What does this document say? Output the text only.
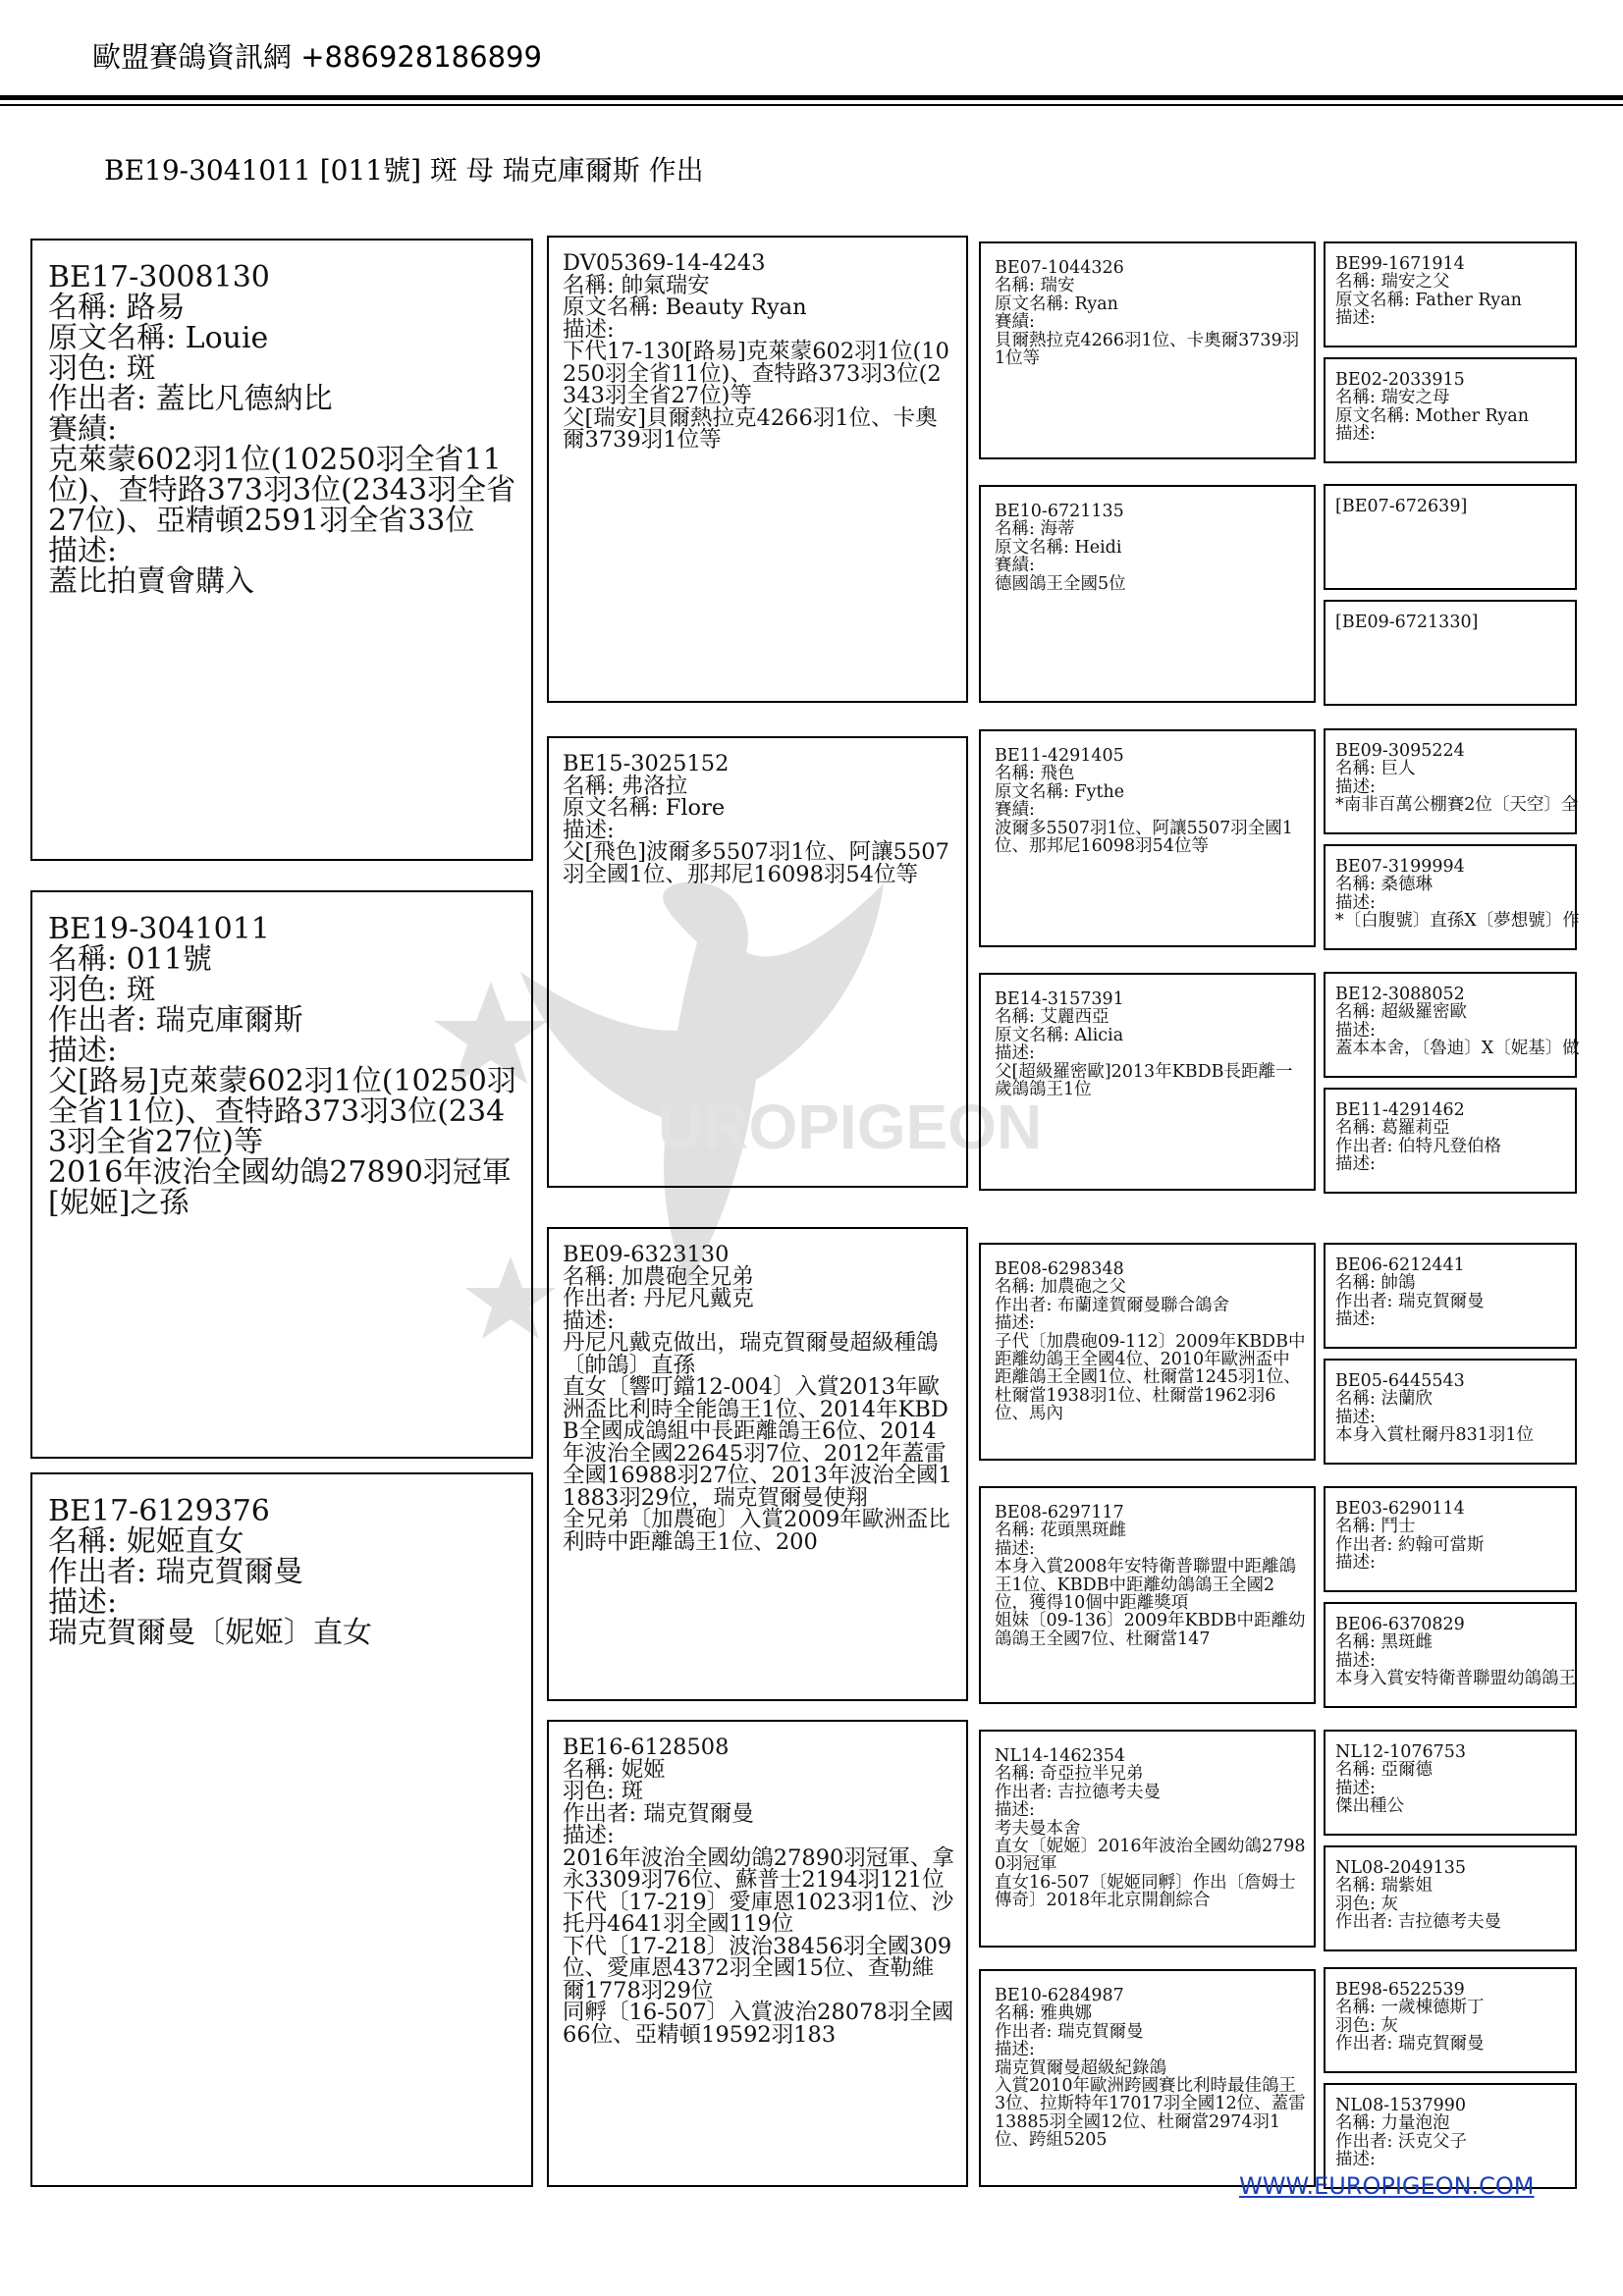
歐盟賽鴿資訊網 +886928186899
BE19-3041011 [011號] 斑 母 瑞克庫爾斯 作出
UROPIGEON

BE17-3008130

名稱: 路易

原文名稱: Louie

羽色: 斑

作出者: 蓋比凡德納比

賽績:

克萊蒙602羽1位(10250羽全省11位)、查特路373羽3位(2343羽全省27位)、亞精頓2591羽全省33位

描述:

蓋比拍賣會購入

BE19-3041011

名稱: 011號

羽色: 斑

作出者: 瑞克庫爾斯

描述:

父[路易]克萊蒙602羽1位(10250羽全省11位)、查特路373羽3位(2343羽全省27位)等

2016年波治全國幼鴿27890羽冠軍[妮姬]之孫

BE17-6129376

名稱: 妮姬直女

作出者: 瑞克賀爾曼

描述:

瑞克賀爾曼〔妮姬〕直女

DV05369-14-4243

名稱: 帥氣瑞安

原文名稱: Beauty Ryan

描述:

下代17-130[路易]克萊蒙602羽1位(10250羽全省11位)、查特路373羽3位(2343羽全省27位)等

父[瑞安]貝爾熱拉克4266羽1位、卡奧爾3739羽1位等

BE15-3025152

名稱: 弗洛拉

原文名稱: Flore

描述:

父[飛色]波爾多5507羽1位、阿讓5507羽全國1位、那邦尼16098羽54位等

BE09-6323130

名稱: 加農砲全兄弟

作出者: 丹尼凡戴克

描述:

丹尼凡戴克做出，瑞克賀爾曼超級種鴿〔帥鴿〕直孫

直女〔響叮鐺12-004〕入賞2013年歐洲盃比利時全能鴿王1位、2014年KBDB全國成鴿組中長距離鴿王6位、2014年波治全國22645羽7位、2012年蓋雷全國16988羽27位、2013年波治全國11883羽29位，瑞克賀爾曼使翔

全兄弟〔加農砲〕入賞2009年歐洲盃比利時中距離鴿王1位、200

BE16-6128508

名稱: 妮姬

羽色: 斑

作出者: 瑞克賀爾曼

描述:

2016年波治全國幼鴿27890羽冠軍、拿永3309羽76位、蘇普士2194羽121位

下代〔17-219〕愛庫恩1023羽1位、沙托丹4641羽全國119位

下代〔17-218〕波治38456羽全國309位、愛庫恩4372羽全國15位、查勒維爾1778羽29位

同孵〔16-507〕入賞波治28078羽全國66位、亞精頓19592羽183

BE07-1044326

名稱: 瑞安

原文名稱: Ryan

賽績:

貝爾熱拉克4266羽1位、卡奧爾3739羽1位等

BE10-6721135

名稱: 海蒂

原文名稱: Heidi

賽績:

德國鴿王全國5位

BE11-4291405

名稱: 飛色

原文名稱: Fythe

賽績:

波爾多5507羽1位、阿讓5507羽全國1位、那邦尼16098羽54位等

BE14-3157391

名稱: 艾麗西亞

原文名稱: Alicia

描述:

父[超級羅密歐]2013年KBDB長距離一歲鴿鴿王1位

BE08-6298348

名稱: 加農砲之父

作出者: 布蘭達賀爾曼聯合鴿舍

描述:

子代〔加農砲09-112〕2009年KBDB中距離幼鴿王全國4位、2010年歐洲盃中距離鴿王全國1位、杜爾當1245羽1位、杜爾當1938羽1位、杜爾當1962羽6位、馬內

BE08-6297117

名稱: 花頭黑斑雌

描述:

本身入賞2008年安特衛普聯盟中距離鴿王1位、KBDB中距離幼鴿鴿王全國2位，獲得10個中距離獎項

姐妹〔09-136〕2009年KBDB中距離幼鴿鴿王全國7位、杜爾當147

NL14-1462354

名稱: 奇亞拉半兄弟

作出者: 吉拉德考夫曼

描述:

考夫曼本舍

直女〔妮姬〕2016年波治全國幼鴿27980羽冠軍

直女16-507〔妮姬同孵〕作出〔詹姆士傳奇〕2018年北京開創綜合

BE10-6284987

名稱: 雅典娜

作出者: 瑞克賀爾曼

描述:

瑞克賀爾曼超級紀錄鴿

入賞2010年歐洲跨國賽比利時最佳鴿王3位、拉斯特年17017羽全國12位、蓋雷13885羽全國12位、杜爾當2974羽1位、跨組5205

BE99-1671914

名稱: 瑞安之父

原文名稱: Father Ryan

描述:

BE02-2033915

名稱: 瑞安之母

原文名稱: Mother Ryan

描述:

[BE07-672639]

[BE09-6721330]

BE09-3095224

名稱: 巨人

描述:

*南非百萬公棚賽2位〔天空〕全

BE07-3199994

名稱: 桑德琳

描述:

*〔白腹號〕直孫X〔夢想號〕作

BE12-3088052

名稱: 超級羅密歐

描述:

蓋本本舍，〔魯迪〕X〔妮基〕做

BE11-4291462

名稱: 葛羅莉亞

作出者: 伯特凡登伯格

描述:

BE06-6212441

名稱: 帥鴿

作出者: 瑞克賀爾曼

描述:

BE05-6445543

名稱: 法蘭欣

描述:

本身入賞杜爾丹831羽1位

BE03-6290114

名稱: 鬥士

作出者: 約翰可當斯

描述:

BE06-6370829

名稱: 黑斑雌

描述:

本身入賞安特衛普聯盟幼鴿鴿王

NL12-1076753

名稱: 亞爾德

描述:

傑出種公

NL08-2049135

名稱: 瑞紫姐

羽色: 灰

作出者: 吉拉德考夫曼

BE98-6522539

名稱: 一歲棟德斯丁

羽色: 灰

作出者: 瑞克賀爾曼

NL08-1537990

名稱: 力量泡泡

作出者: 沃克父子

描述:

WWW.EUROPIGEON.COM
